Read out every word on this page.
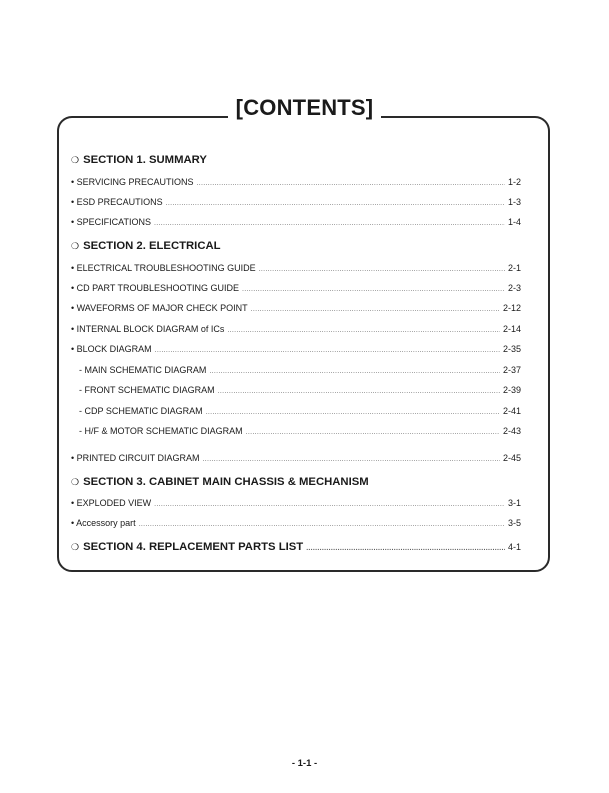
[CONTENTS]
❍ SECTION 1. SUMMARY
• SERVICING PRECAUTIONS .....	1-2
• ESD PRECAUTIONS .....	1-3
• SPECIFICATIONS .....	1-4
❍ SECTION 2. ELECTRICAL
• ELECTRICAL TROUBLESHOOTING GUIDE .....	2-1
• CD PART TROUBLESHOOTING GUIDE .....	2-3
• WAVEFORMS OF MAJOR CHECK POINT .....	2-12
• INTERNAL BLOCK DIAGRAM of ICs .....	2-14
• BLOCK DIAGRAM .....	2-35
- MAIN SCHEMATIC DIAGRAM .....	2-37
- FRONT SCHEMATIC DIAGRAM .....	2-39
- CDP SCHEMATIC DIAGRAM .....	2-41
- H/F & MOTOR SCHEMATIC DIAGRAM .....	2-43
• PRINTED CIRCUIT DIAGRAM .....	2-45
❍ SECTION 3. CABINET MAIN CHASSIS & MECHANISM
• EXPLODED VIEW .....	3-1
• Accessory part .....	3-5
❍ SECTION 4. REPLACEMENT PARTS LIST .....	4-1
- 1-1 -
